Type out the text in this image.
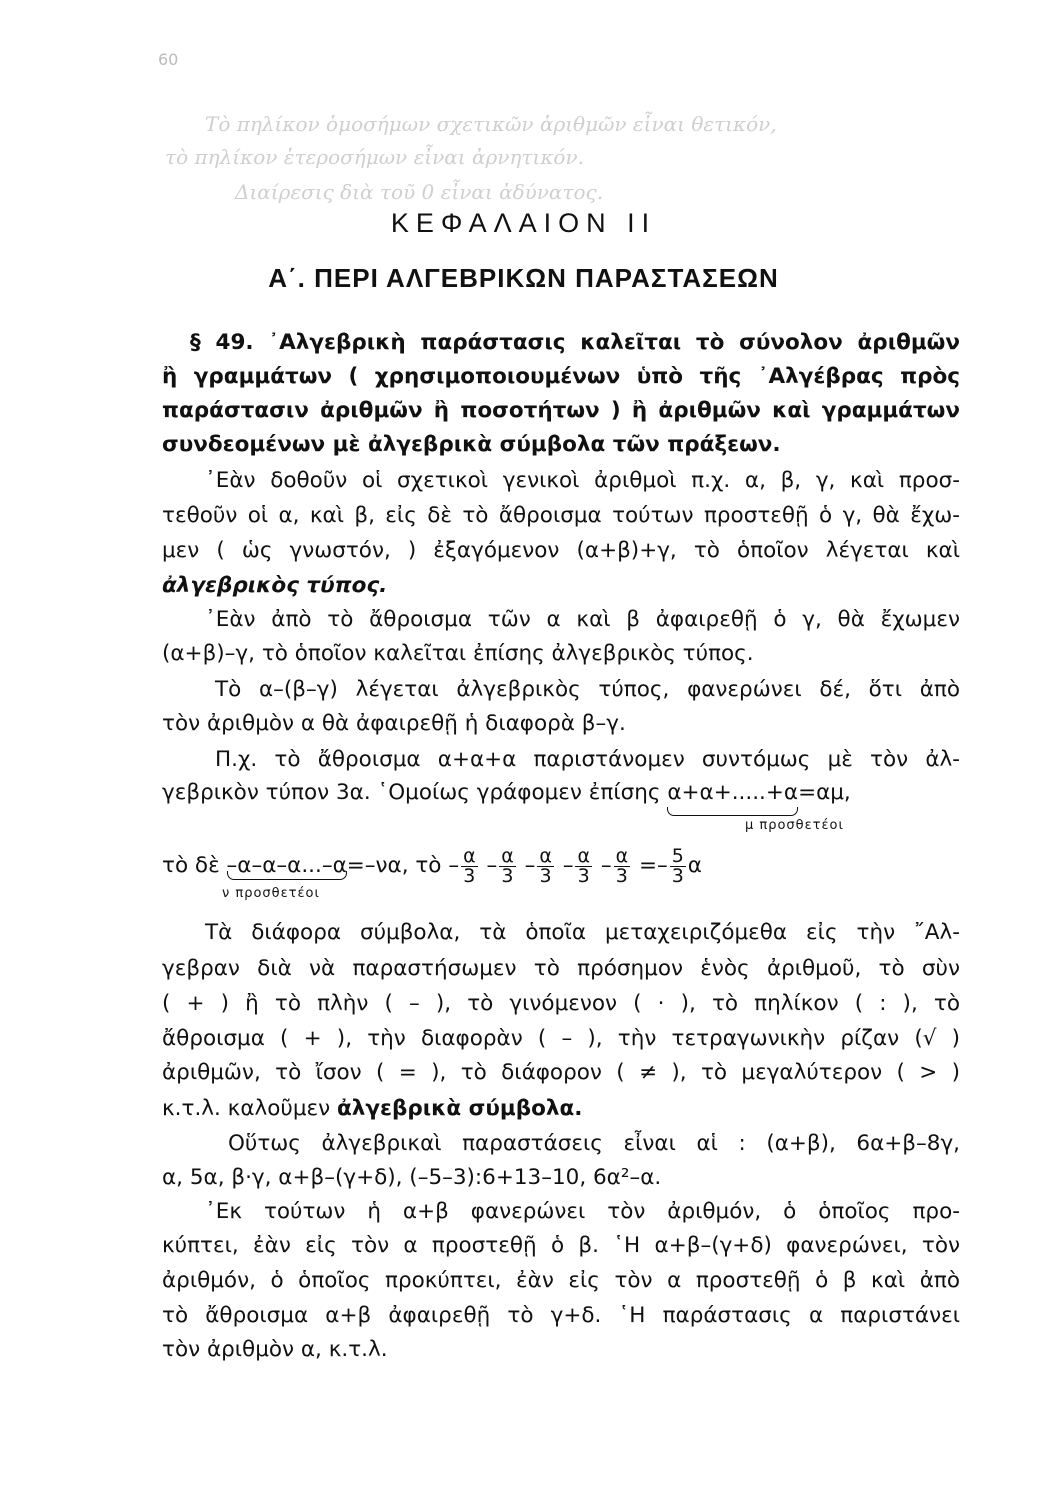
60
Τὸ πηλίκον ὁμοσήμων σχετικῶν ἀριθμῶν εἶναι θετικόν,
τὸ πηλίκον ἑτεροσήμων εἶναι ἀρνητικόν.
Διαίρεσις διὰ τοῦ 0 εἶναι ἀδύνατος.
ΚΕΦΑΛΑΙΟΝ ΙΙ
Α΄. ΠΕΡΙ ΑΛΓΕΒΡΙΚΩΝ ΠΑΡΑΣΤΑΣΕΩΝ
§ 49. ᾿Αλγεβρικὴ παράστασις καλεῖται τὸ σύνολον ἀριθμῶν
ἢ γραμμάτων ( χρησιμοποιουμένων ὑπὸ τῆς ᾿Αλγέβρας πρὸς
παράστασιν ἀριθμῶν ἢ ποσοτήτων ) ἢ ἀριθμῶν καὶ γραμμάτων
συνδεομένων μὲ ἀλγεβρικὰ σύμβολα τῶν πράξεων.
᾿Εὰν δοθοῦν οἱ σχετικοὶ γενικοὶ ἀριθμοὶ π.χ. α, β, γ, καὶ προσ-
τεθοῦν οἱ α, καὶ β, εἰς δὲ τὸ ἄθροισμα τούτων προστεθῇ ὁ γ, θὰ ἔχω-
μεν ( ὡς γνωστόν, ) ἐξαγόμενον (α+β)+γ, τὸ ὁποῖον λέγεται καὶ
ἀλγεβρικὸς τύπος.
᾿Εὰν ἀπὸ τὸ ἄθροισμα τῶν α καὶ β ἀφαιρεθῇ ὁ γ, θὰ ἔχωμεν
(α+β)–γ, τὸ ὁποῖον καλεῖται ἐπίσης ἀλγεβρικὸς τύπος.
Τὸ α–(β–γ) λέγεται ἀλγεβρικὸς τύπος, φανερώνει δέ, ὅτι ἀπὸ
τὸν ἀριθμὸν α θὰ ἀφαιρεθῇ ἡ διαφορὰ β–γ.
Π.χ. τὸ ἄθροισμα α+α+α παριστάνομεν συντόμως μὲ τὸν ἀλ-
γεβρικὸν τύπον 3α. ῾Ομοίως γράφομεν ἐπίσης α+α+.....+α
=αμ,
μ προσθετέοι
τὸ δὲ –α–α–α...–α
=–να, τὸ – $\frac{\alpha}{3} - \frac{\alpha}{3} - \frac{\alpha}{3} - \frac{\alpha}{3} - \frac{\alpha}{3} =- \frac{5}{3}$ α
ν προσθετέοι
Τὰ διάφορα σύμβολα, τὰ ὁποῖα μεταχειριζόμεθα εἰς τὴν ῎Αλ-
γεβραν διὰ νὰ παραστήσωμεν τὸ πρόσημον ἑνὸς ἀριθμοῦ, τὸ σὺν
( + ) ἢ τὸ πλὴν ( – ), τὸ γινόμενον ( · ), τὸ πηλίκον ( : ), τὸ
ἄθροισμα ( + ), τὴν διαφορὰν ( – ), τὴν τετραγωνικὴν ρίζαν (√ )
ἀριθμῶν, τὸ ἴσον ( = ), τὸ διάφορον ( ≠ ), τὸ μεγαλύτερον ( > )
κ.τ.λ. καλοῦμεν ἀλγεβρικὰ σύμβολα.
Οὕτως ἀλγεβρικαὶ παραστάσεις εἶναι αἱ : (α+β), 6α+β–8γ,
α, 5α, β·γ, α+β–(γ+δ), (–5–3):6+13–10, 6α²–α.
᾿Εκ τούτων ἡ α+β φανερώνει τὸν ἀριθμόν, ὁ ὁποῖος προ-
κύπτει, ἐὰν εἰς τὸν α προστεθῇ ὁ β. ῾Η α+β–(γ+δ) φανερώνει, τὸν
ἀριθμόν, ὁ ὁποῖος προκύπτει, ἐὰν εἰς τὸν α προστεθῇ ὁ β καὶ ἀπὸ
τὸ ἄθροισμα α+β ἀφαιρεθῇ τὸ γ+δ. ῾Η παράστασις α παριστάνει
τὸν ἀριθμὸν α, κ.τ.λ.
